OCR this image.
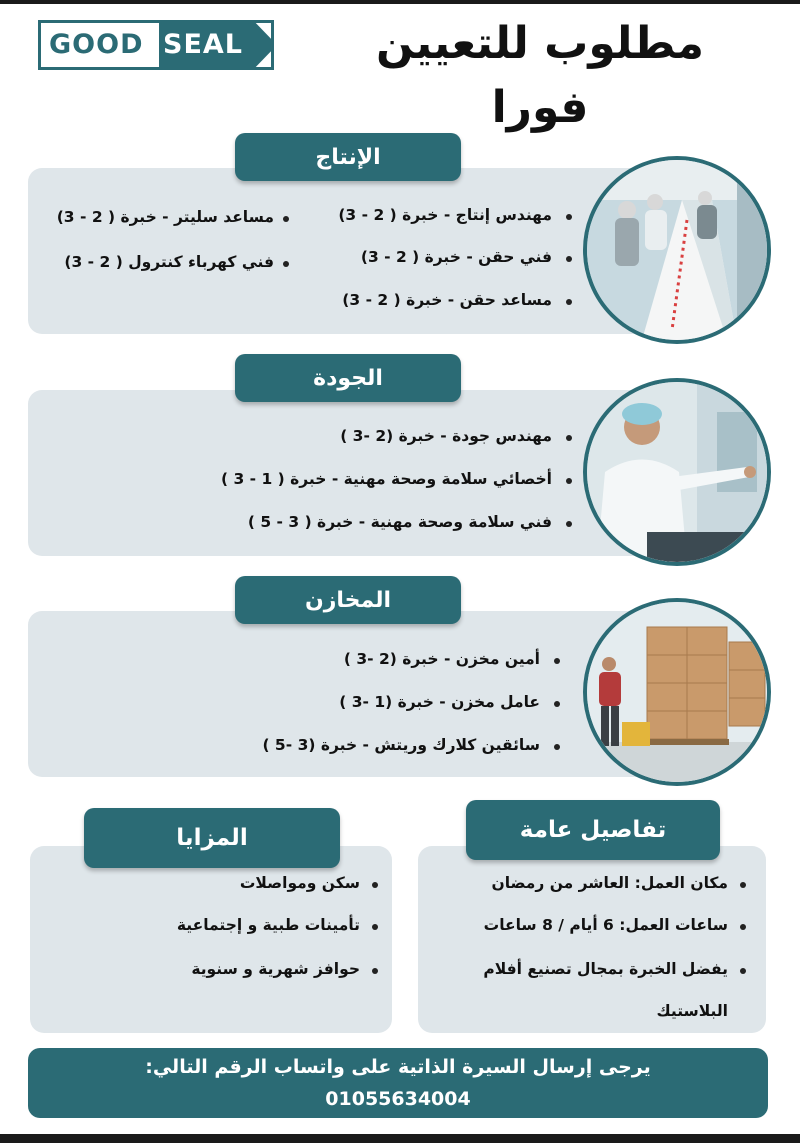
GOOD SEAL	مطلوب للتعيين
فورا
الإنتاج
مهندس إنتاج - خبرة ( 2 - 3)
فني حقن - خبرة ( 2 - 3)
مساعد حقن - خبرة ( 2 - 3)
مساعد سليتر - خبرة ( 2 - 3)
فني كهرباء كنترول ( 2 - 3)
الجودة
مهندس جودة - خبرة (2 -3 )
أخصائي سلامة وصحة مهنية - خبرة ( 1 - 3 )
فني سلامة وصحة مهنية - خبرة ( 3 - 5 )
المخازن
أمين مخزن - خبرة (2 -3 )
عامل مخزن - خبرة (1 -3 )
سائقين كلارك وريتش - خبرة (3 -5 )
المزايا
سكن ومواصلات
تأمينات طبية و إجتماعية
حوافز شهرية و سنوية
تفاصيل عامة
مكان العمل: العاشر من رمضان
ساعات العمل: 6 أيام / 8 ساعات
يفضل الخبرة بمجال تصنيع أفلام
البلاستيك
يرجى إرسال السيرة الذاتية على واتساب الرقم التالي:
01055634004
